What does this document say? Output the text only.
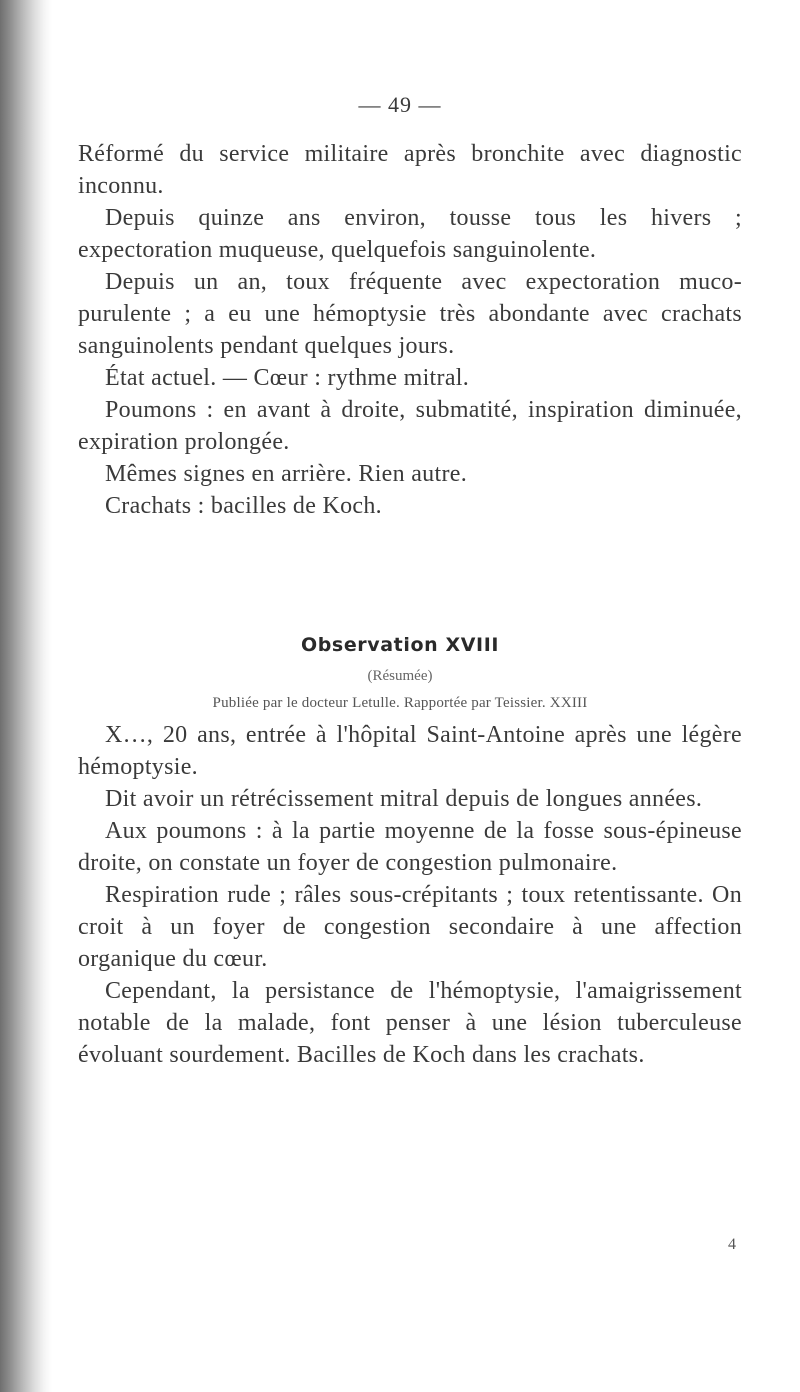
— 49 —

Réformé du service militaire après bronchite avec diagnostic inconnu.

Depuis quinze ans environ, tousse tous les hivers ; expectoration muqueuse, quelquefois sanguinolente.

Depuis un an, toux fréquente avec expectoration muco-purulente ; a eu une hémoptysie très abondante avec crachats sanguinolents pendant quelques jours.

État actuel. — Cœur : rythme mitral.

Poumons : en avant à droite, submatité, inspiration diminuée, expiration prolongée.

Mêmes signes en arrière. Rien autre.

Crachats : bacilles de Koch.

Observation XVIII
(Résumée)
Publiée par le docteur Letulle. Rapportée par Teissier. XXIII

X…, 20 ans, entrée à l'hôpital Saint-Antoine après une légère hémoptysie.

Dit avoir un rétrécissement mitral depuis de longues années.

Aux poumons : à la partie moyenne de la fosse sous-épineuse droite, on constate un foyer de congestion pulmonaire.

Respiration rude ; râles sous-crépitants ; toux retentissante. On croit à un foyer de congestion secondaire à une affection organique du cœur.

Cependant, la persistance de l'hémoptysie, l'amaigrissement notable de la malade, font penser à une lésion tuberculeuse évoluant sourdement. Bacilles de Koch dans les crachats.

4
